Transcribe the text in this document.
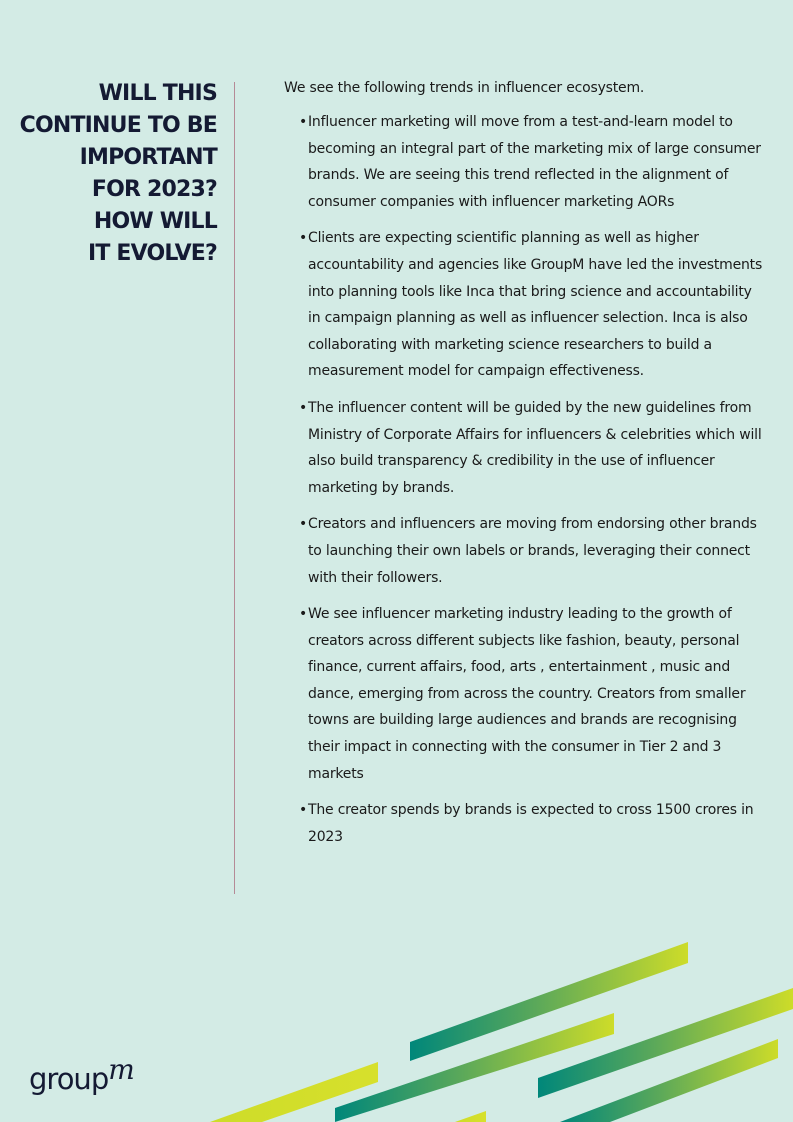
WILL THIS
CONTINUE TO BE
IMPORTANT
FOR 2023?
HOW WILL
IT EVOLVE?

We see the following trends in influencer ecosystem.

• Influencer marketing will move from a test-and-learn model to becoming an integral part of the marketing mix of large consumer brands. We are seeing this trend reflected in the alignment of consumer companies with influencer marketing AORs
• Clients are expecting scientific planning as well as higher accountability and agencies like GroupM have led the investments into planning tools like Inca that bring science and accountability in campaign planning as well as influencer selection. Inca is also collaborating with marketing science researchers to build a measurement model for campaign effectiveness.
• The influencer content will be guided by the new guidelines from Ministry of Corporate Affairs for influencers & celebrities which will also build transparency & credibility in the use of influencer marketing by brands.
• Creators and influencers are moving from endorsing other brands to launching their own labels or brands, leveraging their connect with their followers.
• We see influencer marketing industry leading to the growth of creators across different subjects like fashion, beauty, personal finance, current affairs, food, arts , entertainment , music and dance, emerging from across the country. Creators from smaller towns are building large audiences and brands are recognising their impact in connecting with the consumer in Tier 2 and 3 markets
• The creator spends by brands is expected to cross 1500 crores in 2023
groupm
